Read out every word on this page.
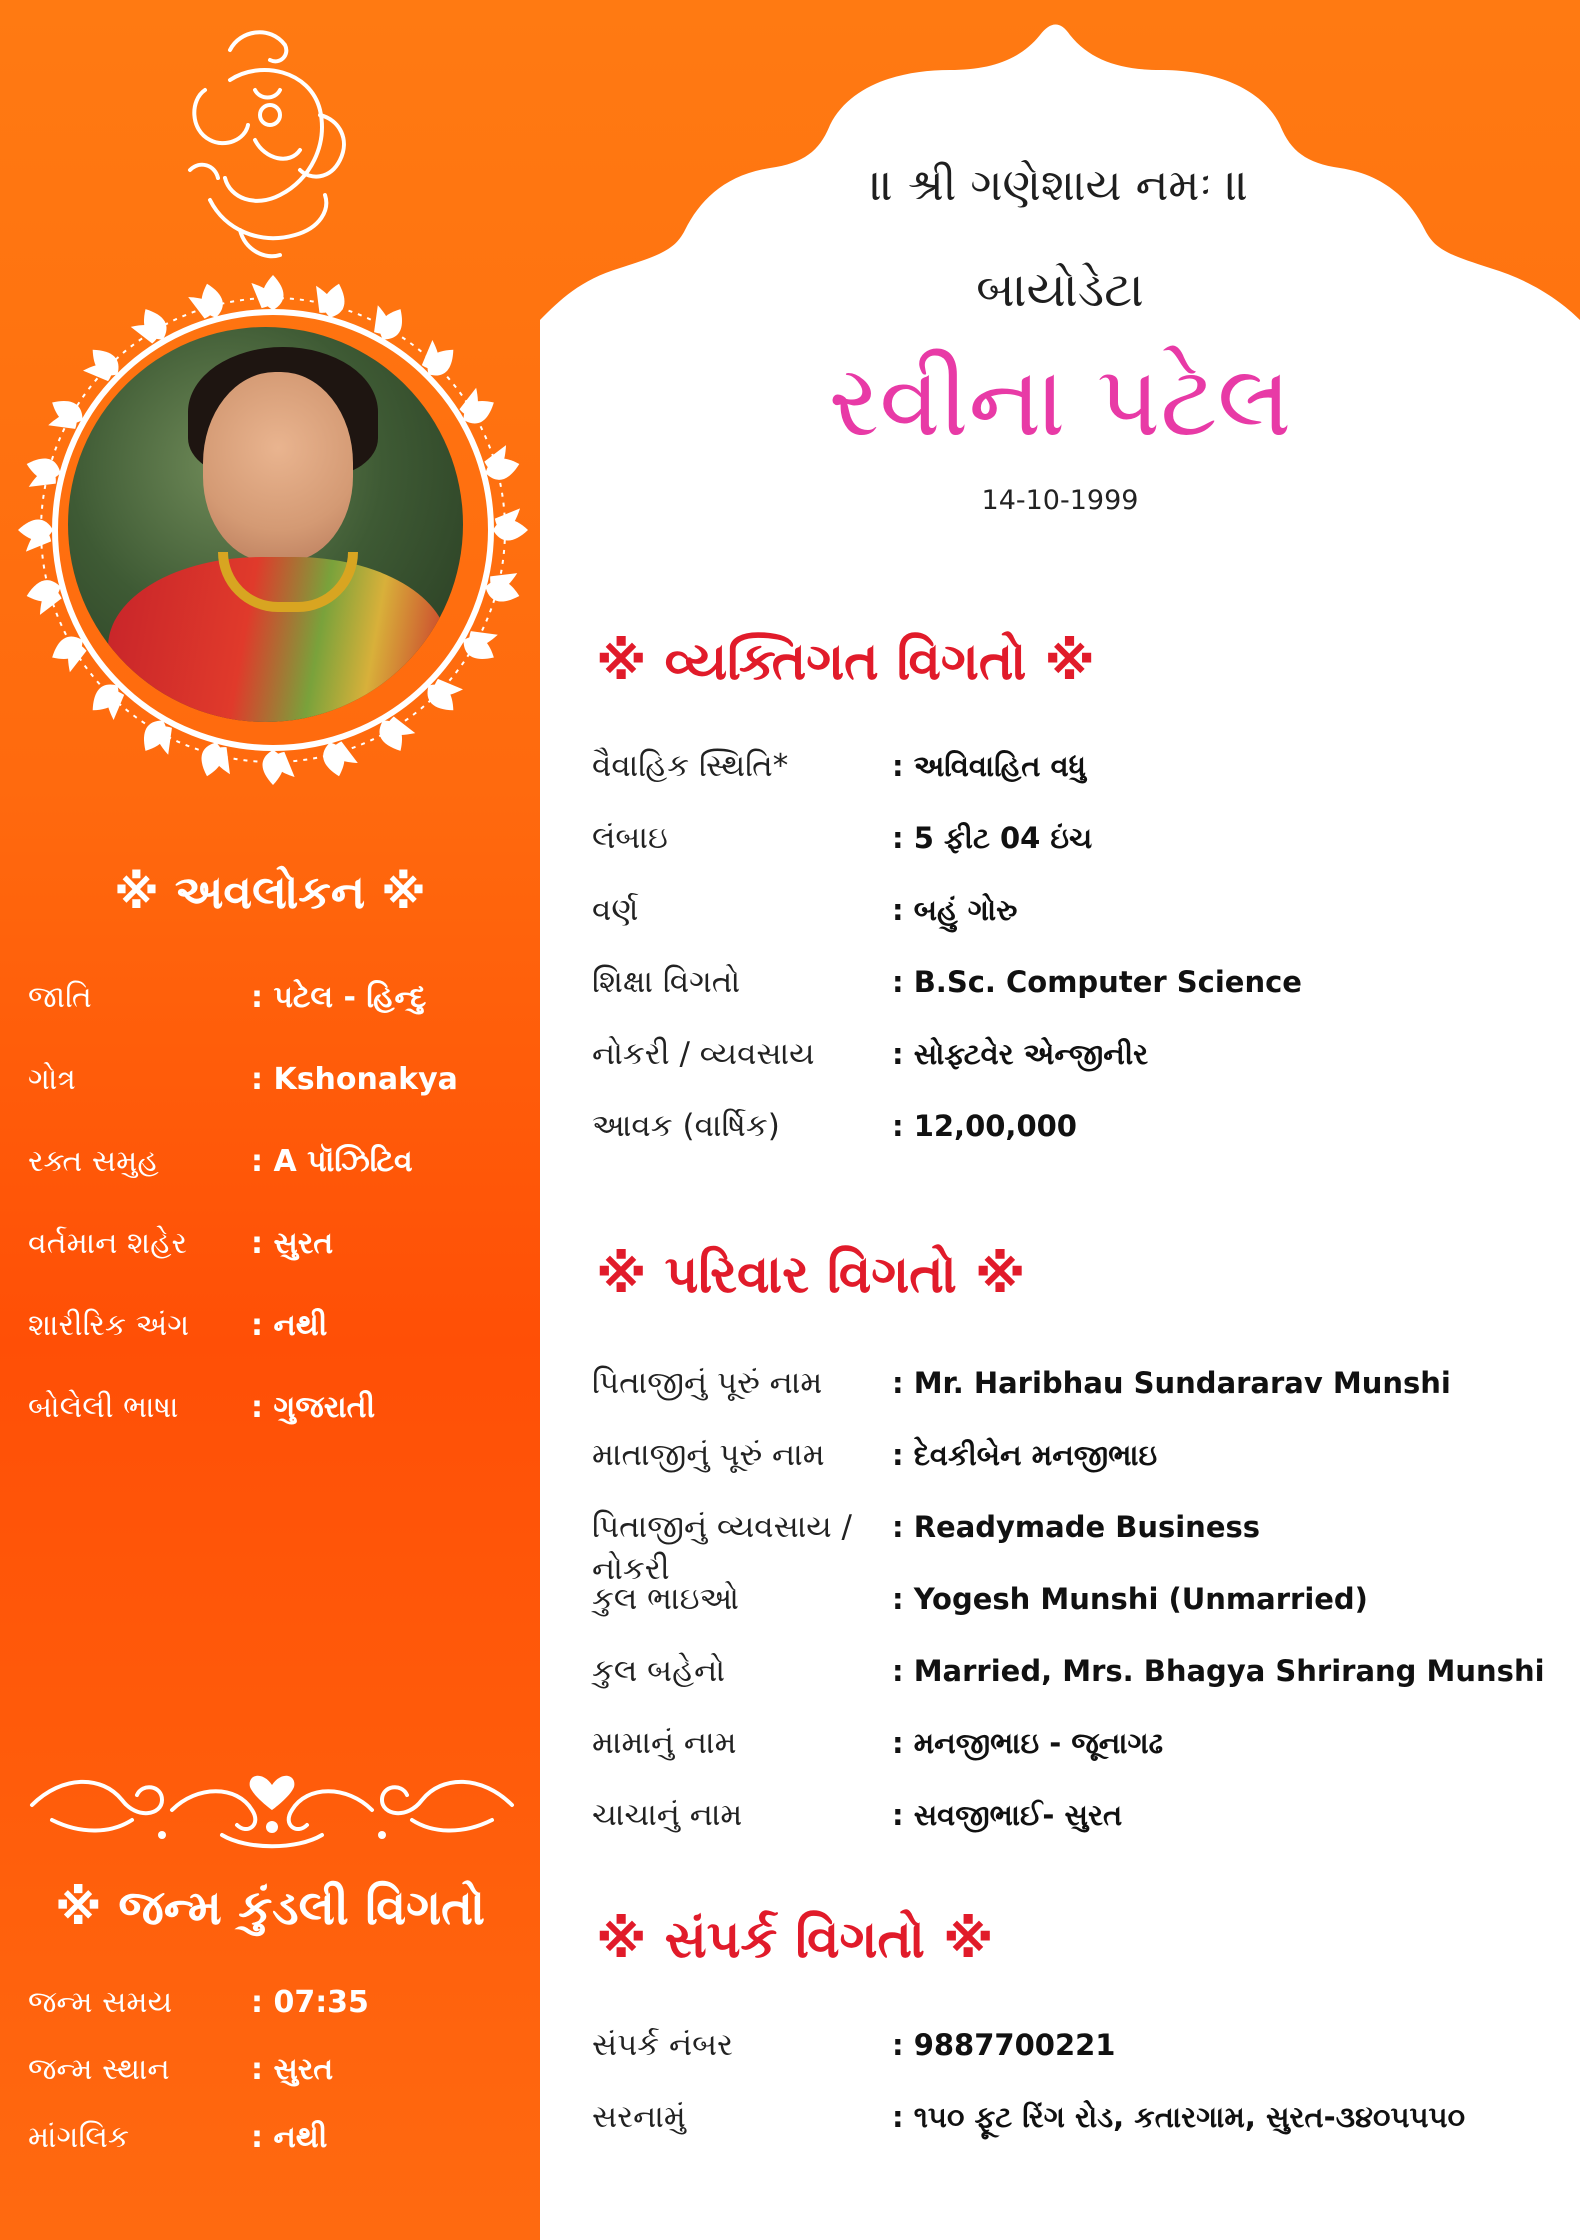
※ અવલોકન ※
જાતિ	: પટેલ - હિન્દુ
ગોત્ર	: Kshonakya
રક્ત સમુહ	: A પૉઝિટિવ
વર્તમાન શહેર : સુરત
શારીરિક અંગ : નથી
બોલેલી ભાષા : ગુજરાતી
※ જન્મ કુંડલી વિગતો
જન્મ સમય	: 07:35
જન્મ સ્થાન	: સુરત
માંગલિક	: નથી
॥ શ્રી ગણેશાય નમઃ ॥
બાયોડેટા
રવીના પટેલ
14-10-1999
※ વ્યક્તિગત વિગતો ※
વૈવાહિક સ્થિતિ*	: અવિવાહિત વધુ
લંબાઇ	: 5 ફીટ 04 ઇંચ
વર્ણ	: બહું ગોરુ
શિક્ષા વિગતો	: B.Sc. Computer Science
નોકરી / વ્યવસાય	: સોફ્ટવેર એન્જીનીર
આવક (વાર્ષિક)	: 12,00,000
※ પરિવાર વિગતો ※
પિતાજીનું પૂરું નામ	: Mr. Haribhau Sundararav Munshi
માતાજીનું પૂરું નામ	: દેવકીબેન મનજીભાઇ
પિતાજીનું વ્યવસાય / નોકરી
: Readymade Business
કુલ ભાઇઓ	: Yogesh Munshi (Unmarried)
કુલ બહેનો	: Married, Mrs. Bhagya Shrirang Munshi
મામાનું નામ	: મનજીભાઇ - જૂનાગઢ
ચાચાનું નામ	: સવજીભાઈ- સુરત
※ સંપર્ક વિગતો ※
સંપર્ક નંબર	: 9887700221
સરનામું	: ૧૫૦ ફૂટ રિંગ રોડ, કતારગામ, સુરત-૩૪૦૫૫૫૦
